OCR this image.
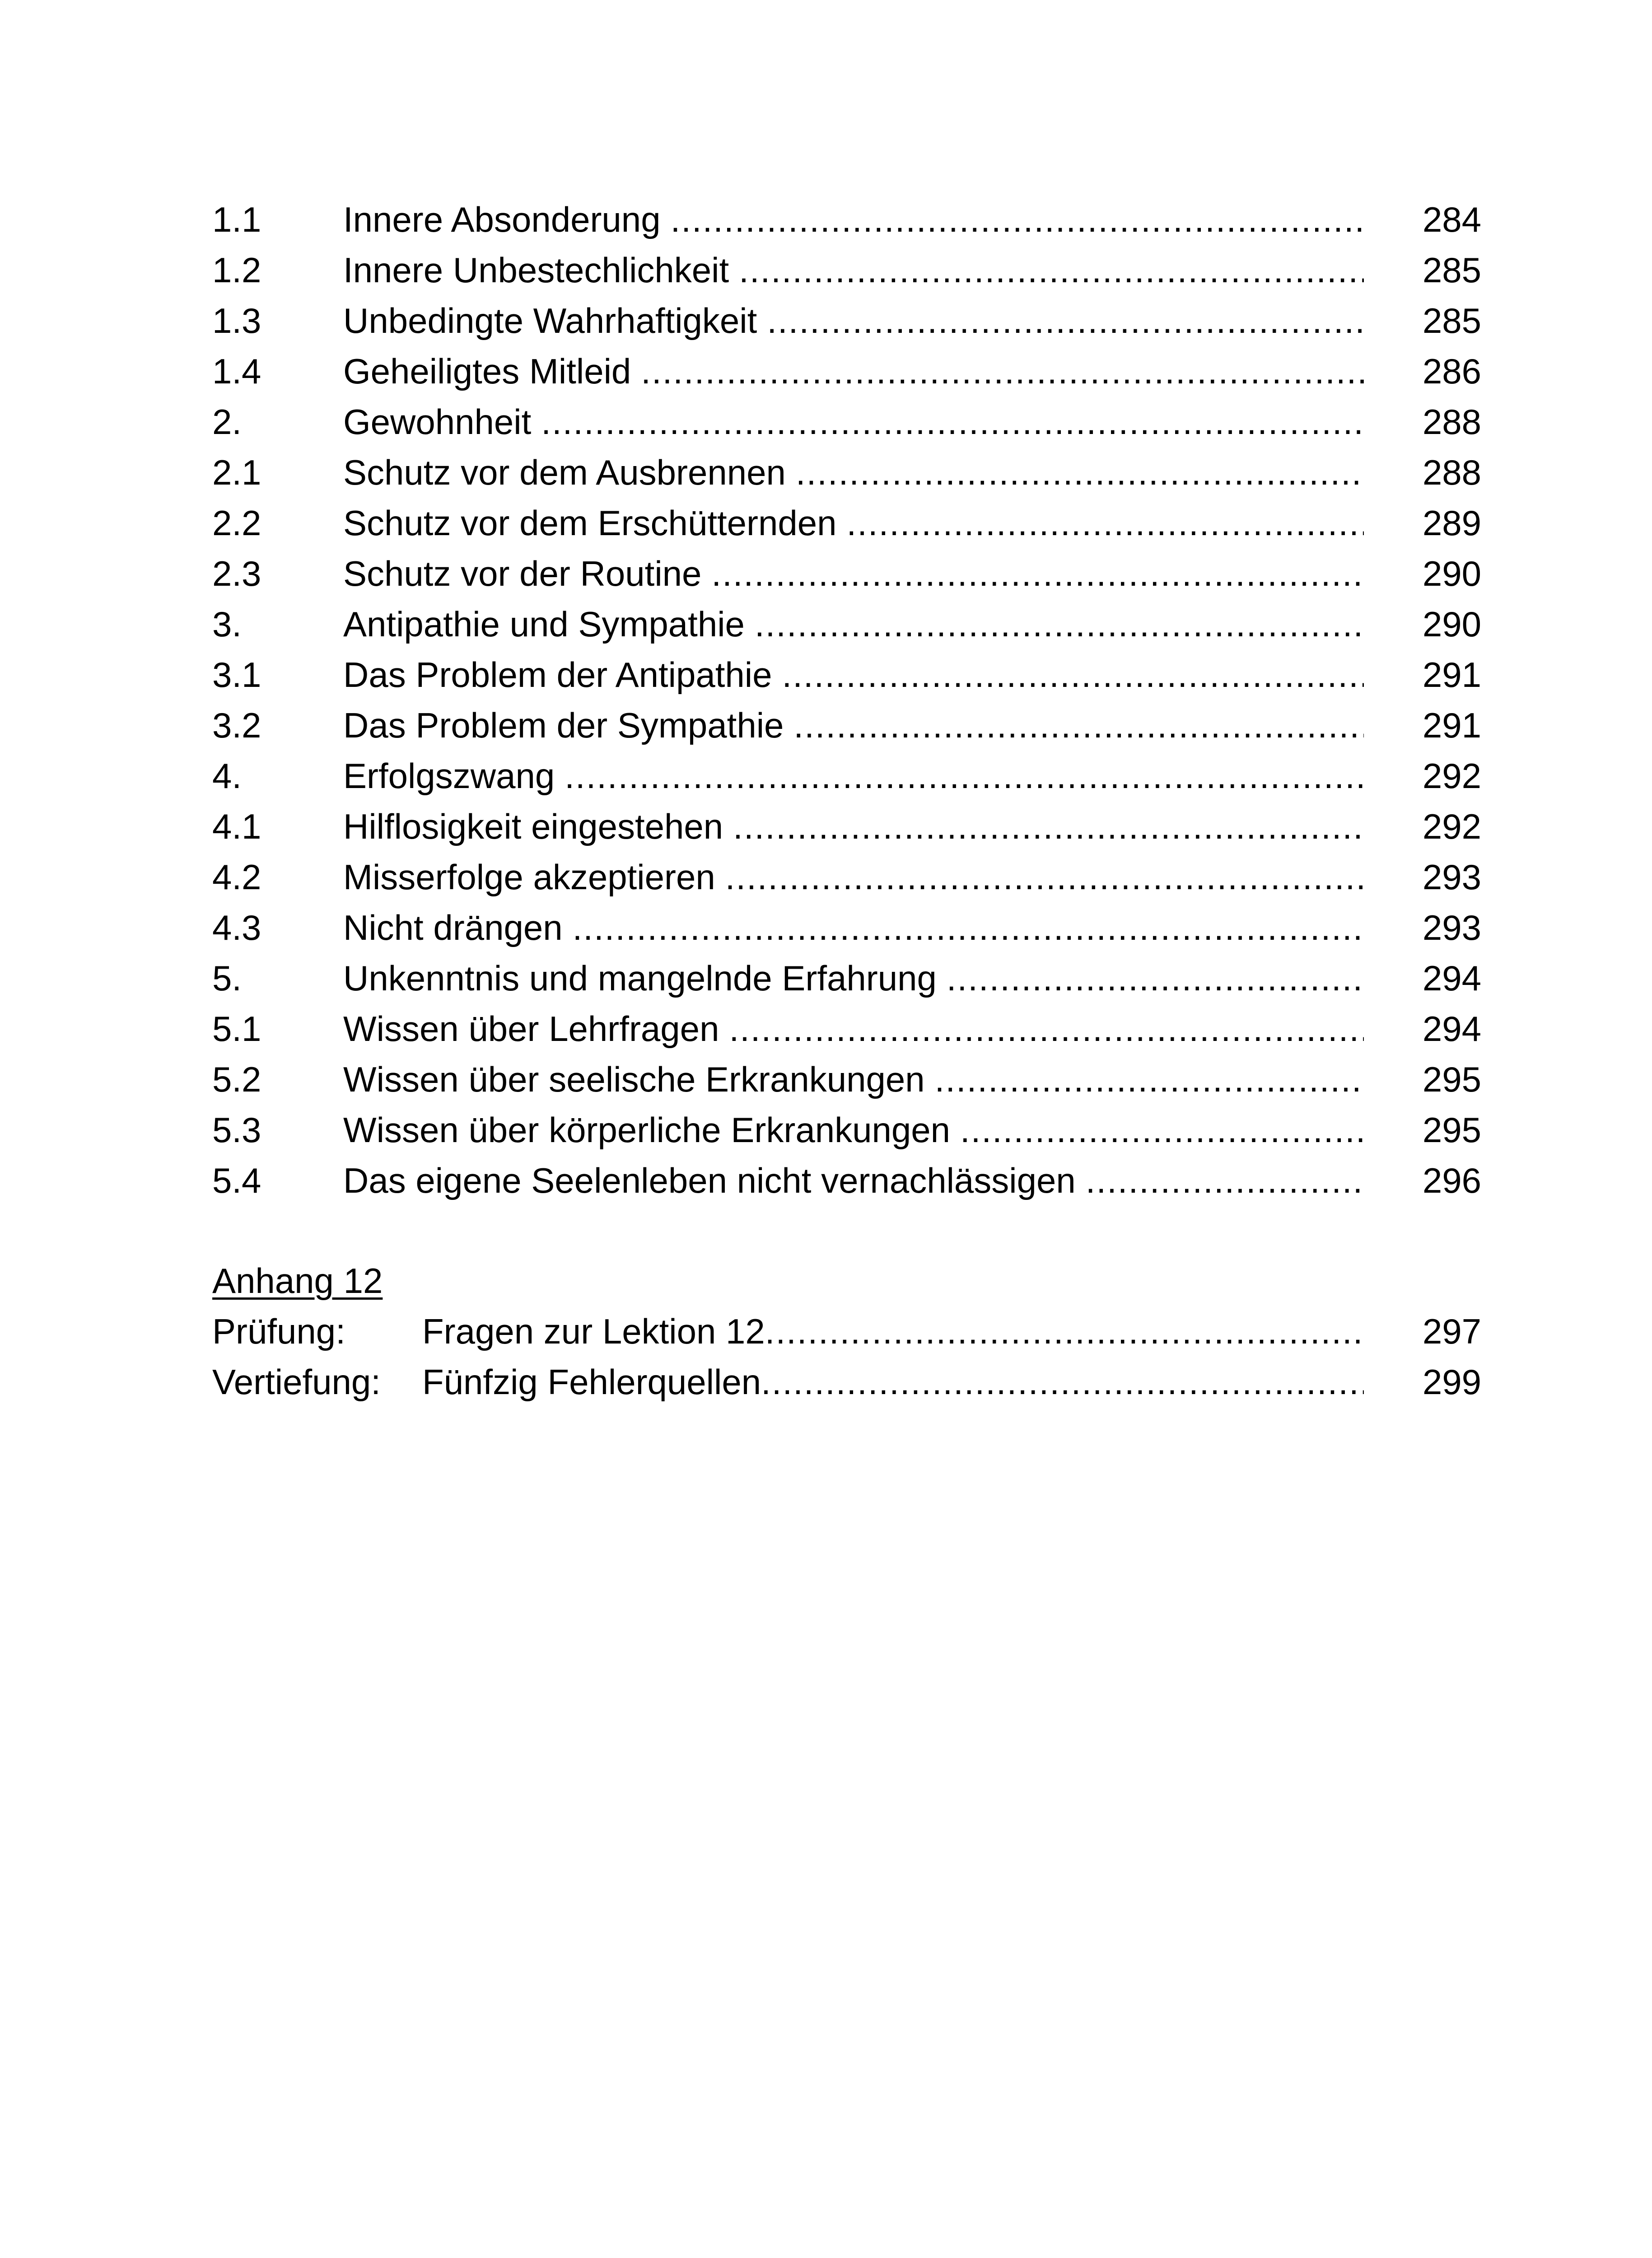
1.1 Innere Absonderung .....	284
1.2 Innere Unbestechlichkeit .....	285
1.3 Unbedingte Wahrhaftigkeit .....	285
1.4 Geheiligtes Mitleid .....	286
2.	Gewohnheit .....	288
2.1 Schutz vor dem Ausbrennen .....	288
2.2 Schutz vor dem Erschütternden .....	289
2.3 Schutz vor der Routine .....	290
3.	Antipathie und Sympathie .....	290
3.1 Das Problem der Antipathie .....	291
3.2 Das Problem der Sympathie .....	291
4.	Erfolgszwang .....	292
4.1 Hilflosigkeit eingestehen .....	292
4.2 Misserfolge akzeptieren .....	293
4.3 Nicht drängen .....	293
5.	Unkenntnis und mangelnde Erfahrung .....	294
5.1 Wissen über Lehrfragen .....	294
5.2 Wissen über seelische Erkrankungen .....	295
5.3 Wissen über körperliche Erkrankungen .....	295
5.4 Das eigene Seelenleben nicht vernachlässigen .....	296
Anhang 12
Prüfung: Fragen zur Lektion 12 .....	297
Vertiefung: Fünfzig Fehlerquellen .....	299
